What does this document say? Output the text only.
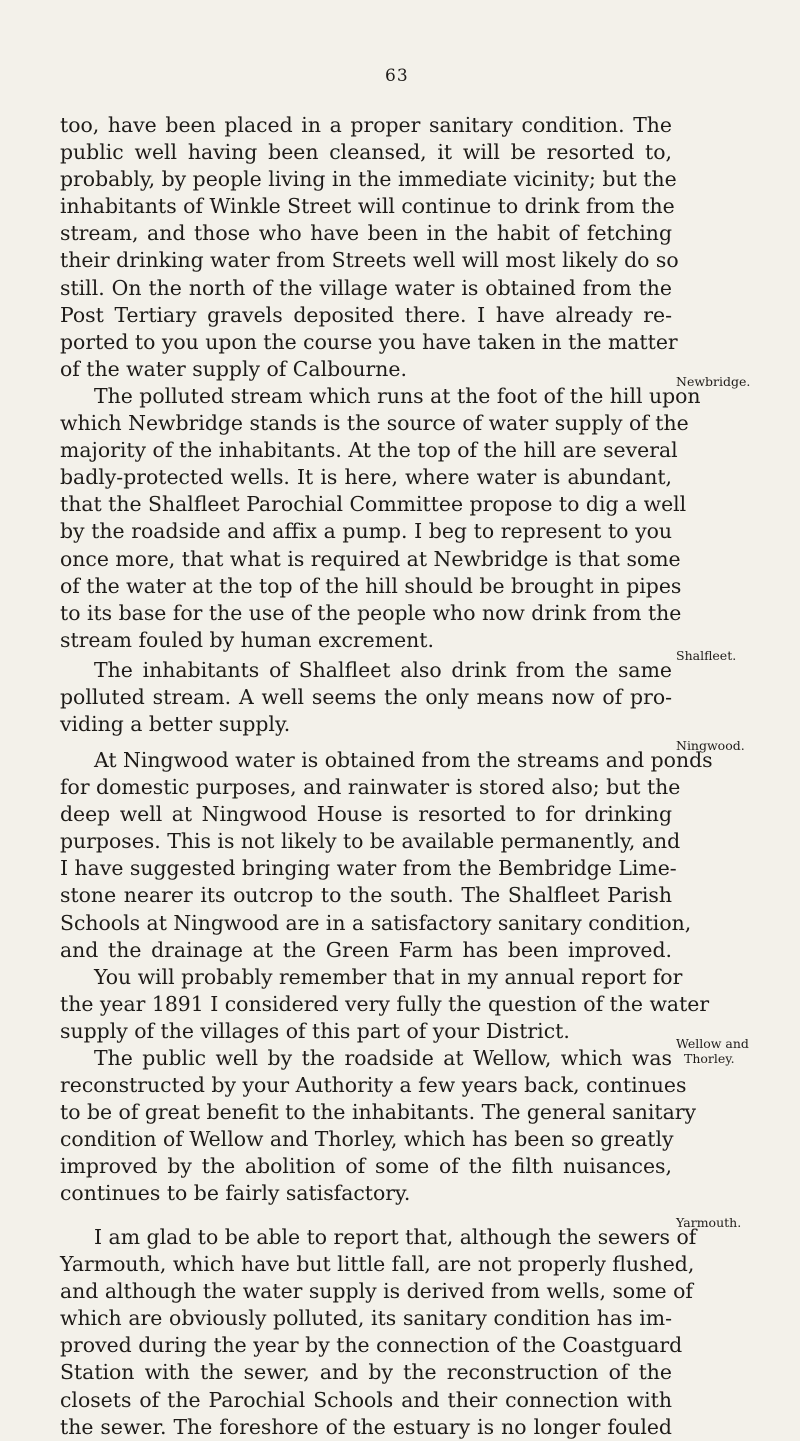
63
too, have been placed in a proper sanitary condition. The
public well having been cleansed, it will be resorted to,
probably, by people living in the immediate vicinity; but the
inhabitants of Winkle Street will continue to drink from the
stream, and those who have been in the habit of fetching
their drinking water from Streets well will most likely do so
still. On the north of the village water is obtained from the
Post Tertiary gravels deposited there. I have already re-
ported to you upon the course you have taken in the matter
of the water supply of Calbourne.
Newbridge.
The polluted stream which runs at the foot of the hill upon
which Newbridge stands is the source of water supply of the
majority of the inhabitants. At the top of the hill are several
badly-protected wells. It is here, where water is abundant,
that the Shalfleet Parochial Committee propose to dig a well
by the roadside and affix a pump. I beg to represent to you
once more, that what is required at Newbridge is that some
of the water at the top of the hill should be brought in pipes
to its base for the use of the people who now drink from the
stream fouled by human excrement.
Shalfleet.
The inhabitants of Shalfleet also drink from the same
polluted stream. A well seems the only means now of pro-
viding a better supply.
Ningwood.
At Ningwood water is obtained from the streams and ponds
for domestic purposes, and rainwater is stored also; but the
deep well at Ningwood House is resorted to for drinking
purposes. This is not likely to be available permanently, and
I have suggested bringing water from the Bembridge Lime-
stone nearer its outcrop to the south. The Shalfleet Parish
Schools at Ningwood are in a satisfactory sanitary condition,
and the drainage at the Green Farm has been improved.
You will probably remember that in my annual report for
the year 1891 I considered very fully the question of the water
supply of the villages of this part of your District.
Wellow and
Thorley.
The public well by the roadside at Wellow, which was
reconstructed by your Authority a few years back, continues
to be of great benefit to the inhabitants. The general sanitary
condition of Wellow and Thorley, which has been so greatly
improved by the abolition of some of the filth nuisances,
continues to be fairly satisfactory.
Yarmouth.
I am glad to be able to report that, although the sewers of
Yarmouth, which have but little fall, are not properly flushed,
and although the water supply is derived from wells, some of
which are obviously polluted, its sanitary condition has im-
proved during the year by the connection of the Coastguard
Station with the sewer, and by the reconstruction of the
closets of the Parochial Schools and their connection with
the sewer. The foreshore of the estuary is no longer fouled
